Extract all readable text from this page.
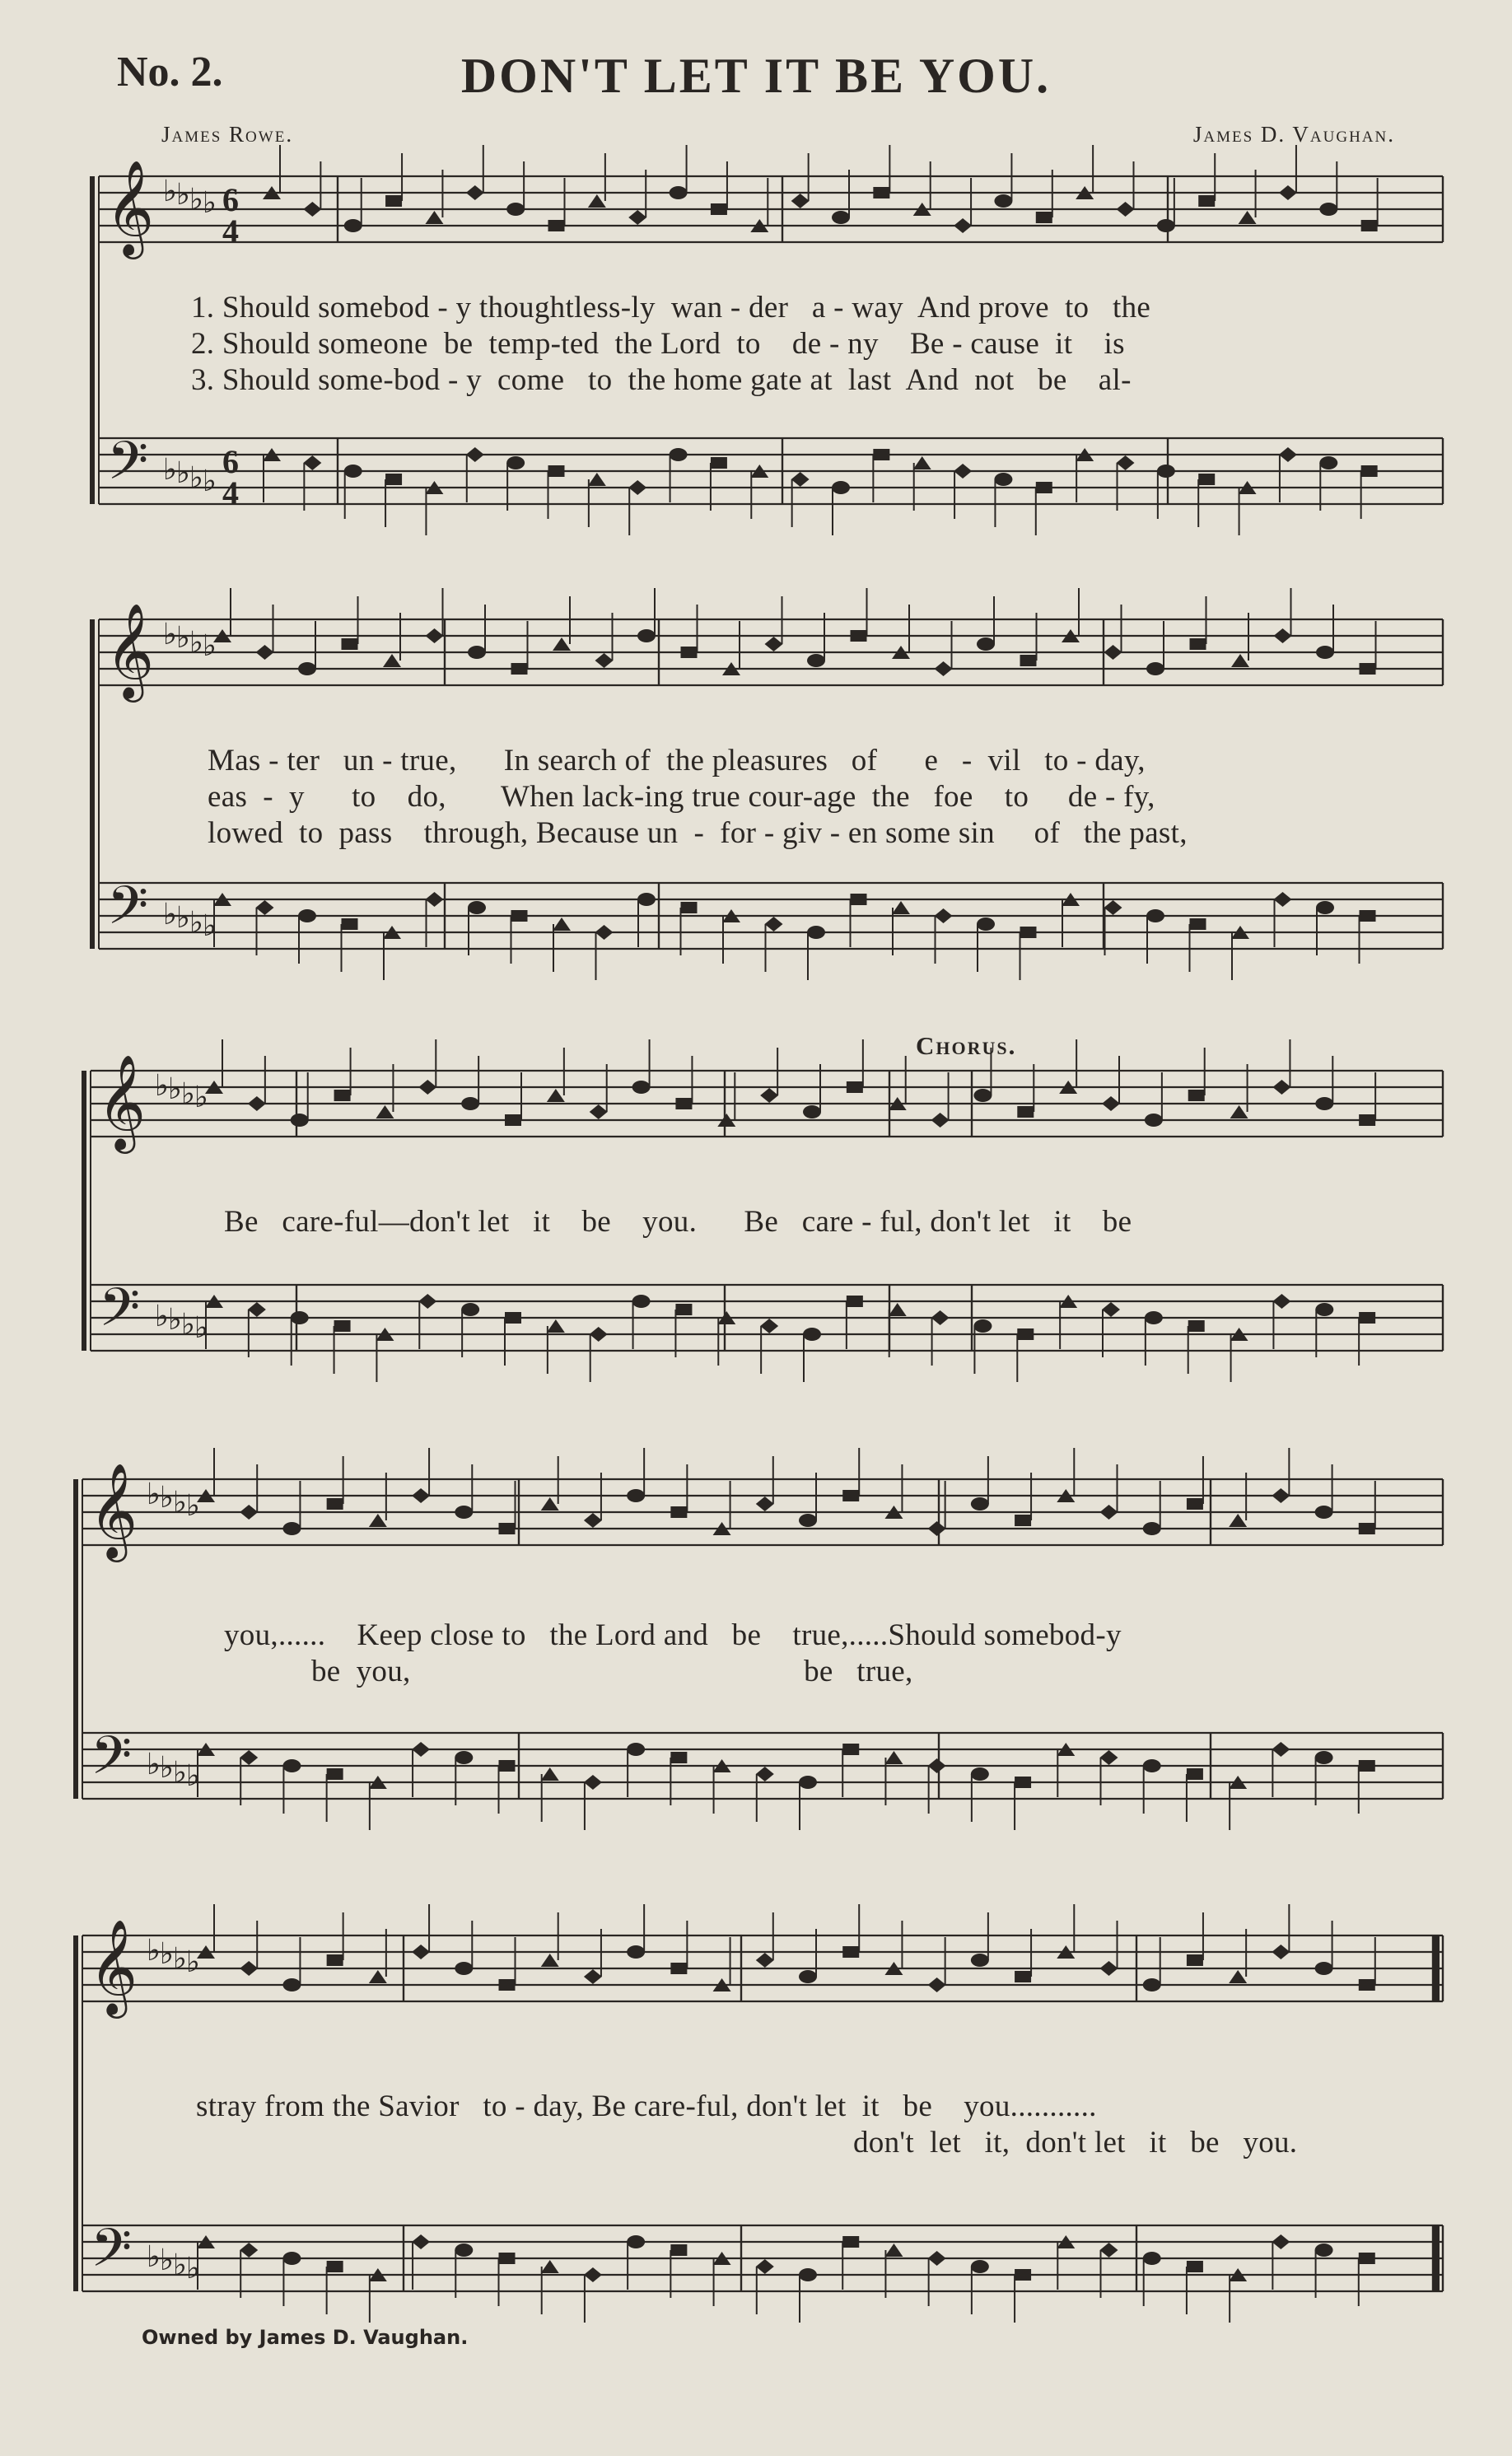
No. 2.	DON'T LET IT BE YOU.
James Rowe.	James D. Vaughan.
𝄞
𝄢
♭
♭
♭
♭
♭
♭
♭
♭
6
4
6
4
𝄞
𝄢
♭
♭
♭
♭
♭
♭
♭
♭
𝄞
𝄢
♭
♭
♭
♭
♭
♭
♭
♭
𝄞
𝄢
♭
♭
♭
♭
♭
♭
♭
♭
𝄞
𝄢
♭
♭
♭
♭
♭
♭
♭
♭
1. Should somebod - y thoughtless-ly  wan - der   a - way  And prove  to   the
2. Should someone  be  temp-ted  the Lord  to    de - ny    Be - cause  it    is
3. Should some-bod - y  come   to  the home gate at  last  And  not   be    al-
Mas - ter   un - true,      In search of  the pleasures   of      e   -  vil   to - day,
eas  -  y      to    do,       When lack-ing true cour-age  the   foe    to     de - fy,
lowed  to  pass    through, Because un  -  for - giv - en some sin     of   the past,
Chorus.
Be   care-ful—don't let   it    be    you.      Be   care - ful, don't let   it    be
you,......    Keep close to   the Lord and   be    true,.....Should somebod-y
be  you,                                                  be   true,
stray from the Savior   to - day, Be care-ful, don't let  it   be    you...........
don't  let   it,  don't let   it   be   you.
Owned by James D. Vaughan.
